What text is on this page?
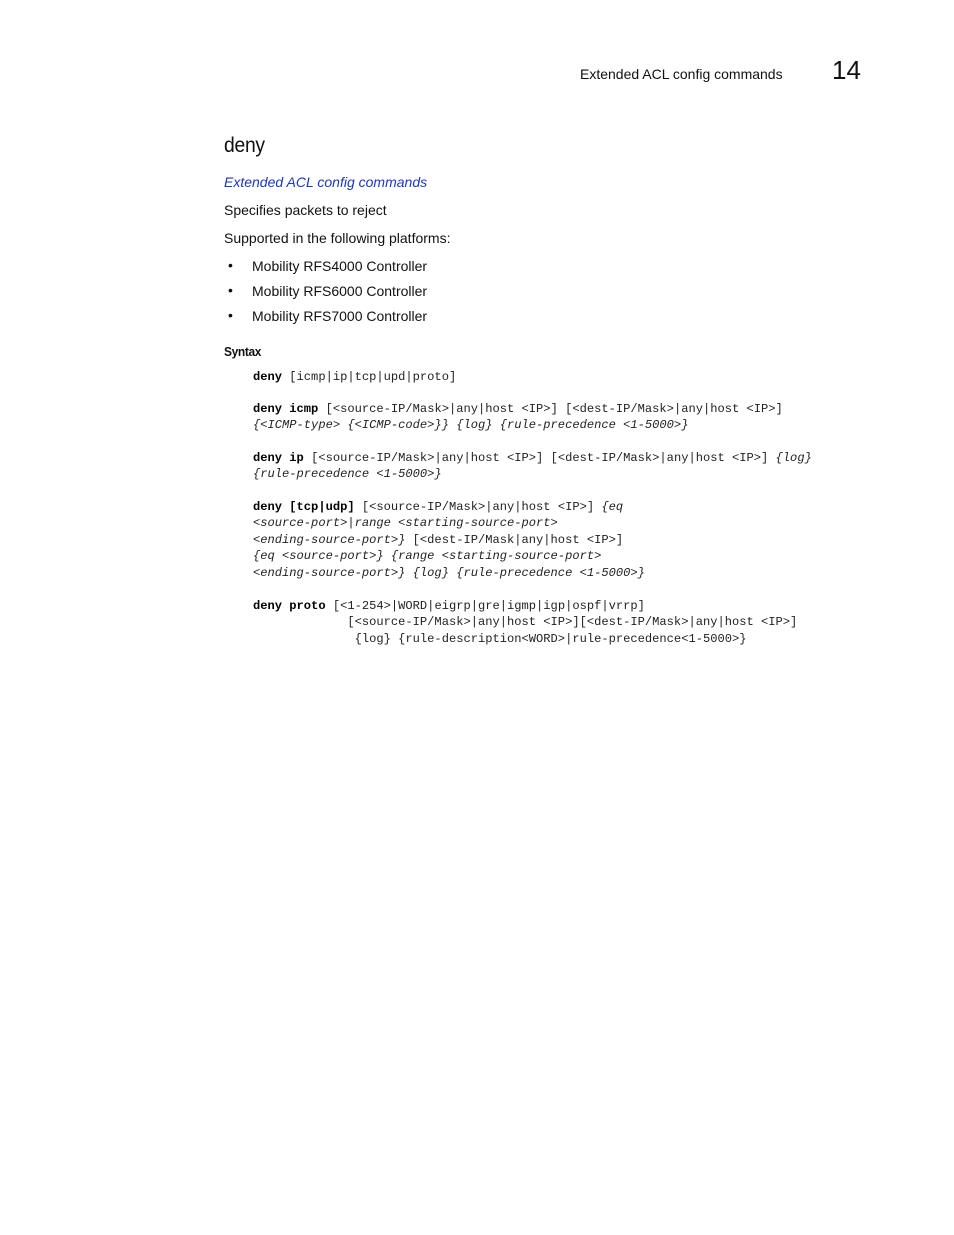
Extended ACL config commands 14
deny
Extended ACL config commands

Specifies packets to reject

Supported in the following platforms:

• Mobility RFS4000 Controller
• Mobility RFS6000 Controller
• Mobility RFS7000 Controller
Syntax
deny [icmp|ip|tcp|upd|proto]
deny icmp [<source-IP/Mask>|any|host <IP>] [<dest-IP/Mask>|any|host <IP>]
{<ICMP-type> {<ICMP-code>}} {log} {rule-precedence <1-5000>}
deny ip [<source-IP/Mask>|any|host <IP>] [<dest-IP/Mask>|any|host <IP>] {log}
{rule-precedence <1-5000>}
deny [tcp|udp] [<source-IP/Mask>|any|host <IP>] {eq
<source-port>|range <starting-source-port>
<ending-source-port>} [<dest-IP/Mask|any|host <IP>]
{eq <source-port>} {range <starting-source-port>
<ending-source-port>} {log} {rule-precedence <1-5000>}
deny proto [<1-254>|WORD|eigrp|gre|igmp|igp|ospf|vrrp]
[<source-IP/Mask>|any|host <IP>][<dest-IP/Mask>|any|host <IP>]
{log} {rule-description<WORD>|rule-precedence<1-5000>}
